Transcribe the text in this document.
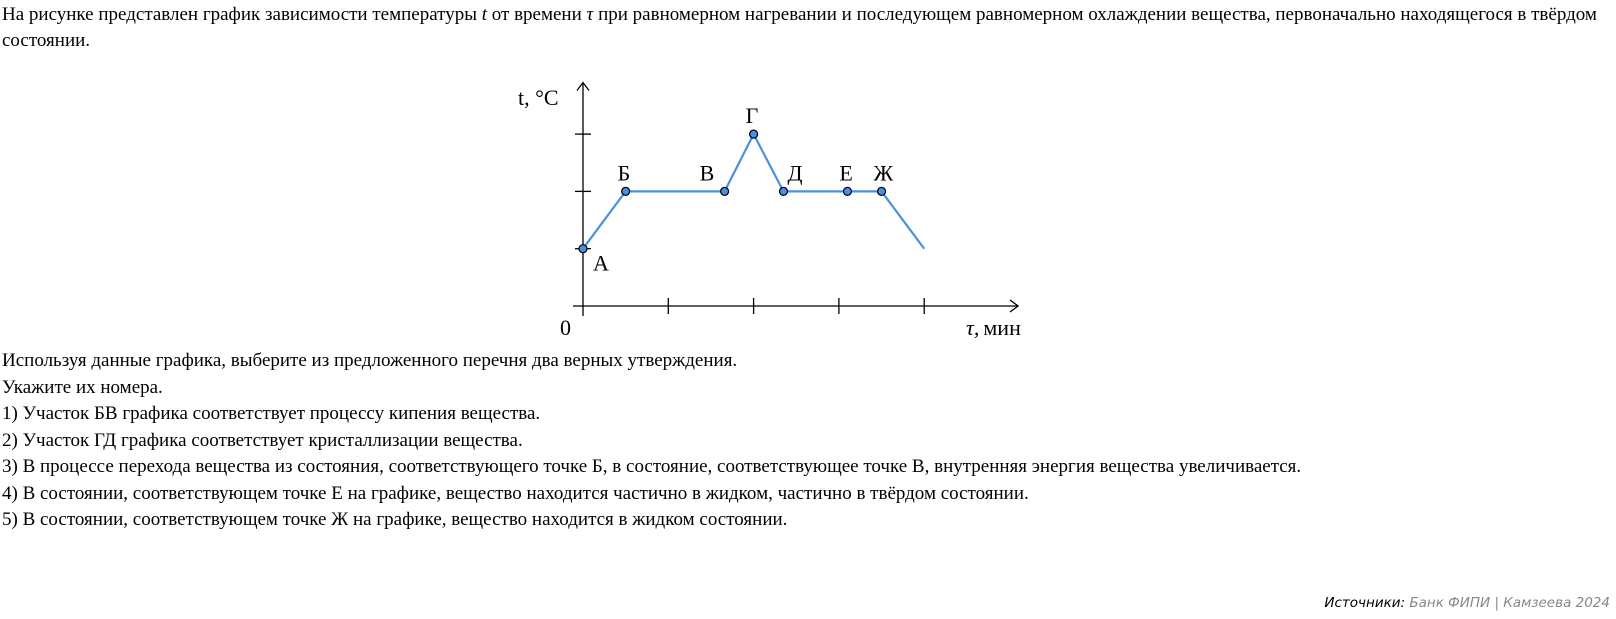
На рисунке представлен график зависимости температуры t от времени τ при равномерном нагревании и последующем равномерном охлаждении вещества, первоначально находящегося в твёрдом состоянии.
А
Б	В
Г
Д Е Ж
t, °C
0	τ, мин
Используя данные графика, выберите из предложенного перечня два верных утверждения. Укажите их номера.
1) Участок БВ графика соответствует процессу кипения вещества.
2) Участок ГД графика соответствует кристаллизации вещества.
3) В процессе перехода вещества из состояния, соответствующего точке Б, в состояние, соответствующее точке В, внутренняя энергия вещества увеличивается.
4) В состоянии, соответствующем точке Е на графике, вещество находится частично в жидком, частично в твёрдом состоянии.
5) В состоянии, соответствующем точке Ж на графике, вещество находится в жидком состоянии.
Источники: Банк ФИПИ | Камзеева 2024
